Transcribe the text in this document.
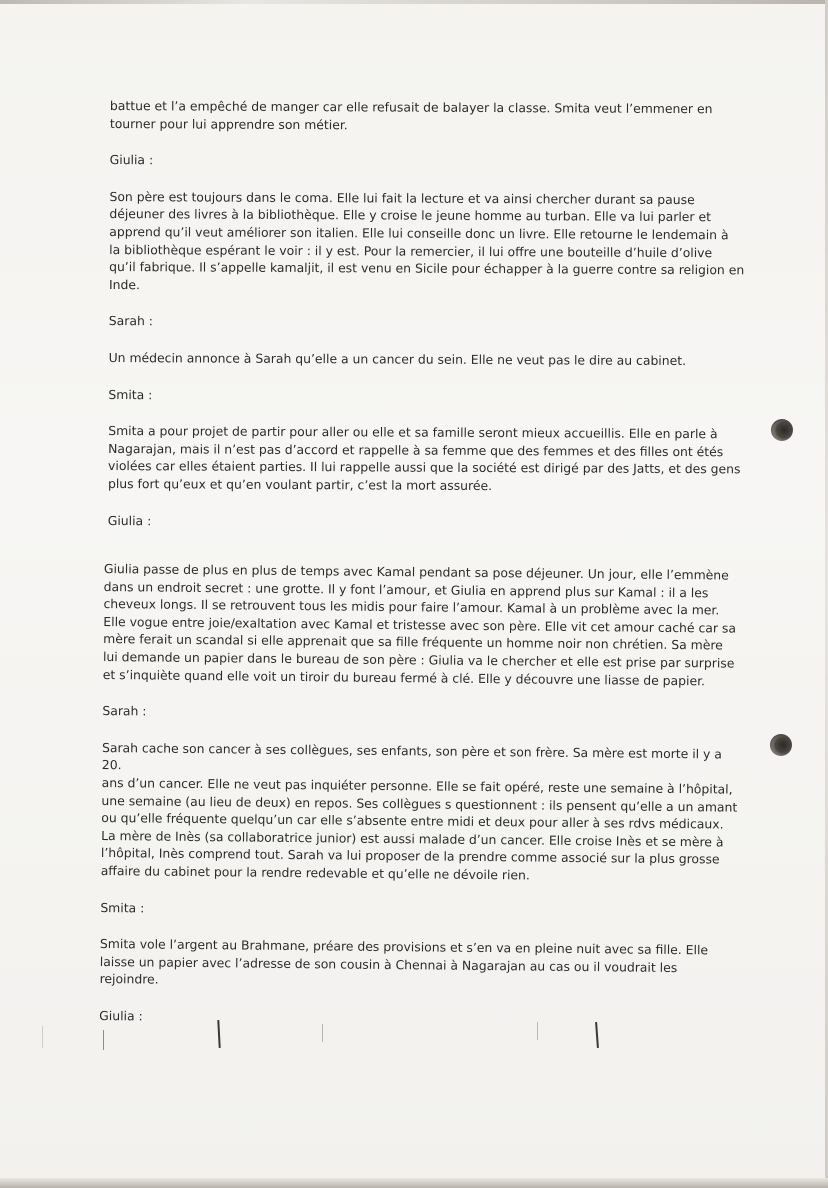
battue et l’a empêché de manger car elle refusait de balayer la classe. Smita veut l’emmener en
tourner pour lui apprendre son métier.

Giulia :

Son père est toujours dans le coma. Elle lui fait la lecture et va ainsi chercher durant sa pause
déjeuner des livres à la bibliothèque. Elle y croise le jeune homme au turban. Elle va lui parler et
apprend qu’il veut améliorer son italien. Elle lui conseille donc un livre. Elle retourne le lendemain à
la bibliothèque espérant le voir : il y est. Pour la remercier, il lui offre une bouteille d’huile d’olive
qu’il fabrique. Il s’appelle kamaljit, il est venu en Sicile pour échapper à la guerre contre sa religion en
Inde.

Sarah :

Un médecin annonce à Sarah qu’elle a un cancer du sein. Elle ne veut pas le dire au cabinet.

Smita :

Smita a pour projet de partir pour aller ou elle et sa famille seront mieux accueillis. Elle en parle à
Nagarajan, mais il n’est pas d’accord et rappelle à sa femme que des femmes et des filles ont étés
violées car elles étaient parties. Il lui rappelle aussi que la société est dirigé par des Jatts, et des gens
plus fort qu’eux et qu’en voulant partir, c’est la mort assurée.

Giulia :

Giulia passe de plus en plus de temps avec Kamal pendant sa pose déjeuner. Un jour, elle l’emmène
dans un endroit secret : une grotte. Il y font l’amour, et Giulia en apprend plus sur Kamal : il a les
cheveux longs. Il se retrouvent tous les midis pour faire l’amour. Kamal à un problème avec la mer.
Elle vogue entre joie/exaltation avec Kamal et tristesse avec son père. Elle vit cet amour caché car sa
mère ferait un scandal si elle apprenait que sa fille fréquente un homme noir non chrétien. Sa mère
lui demande un papier dans le bureau de son père : Giulia va le chercher et elle est prise par surprise
et s’inquiète quand elle voit un tiroir du bureau fermé à clé. Elle y découvre une liasse de papier.

Sarah :

Sarah cache son cancer à ses collègues, ses enfants, son père et son frère. Sa mère est morte il y a 20.
ans d’un cancer. Elle ne veut pas inquiéter personne. Elle se fait opéré, reste une semaine à l’hôpital,
une semaine (au lieu de deux) en repos. Ses collègues s questionnent : ils pensent qu’elle a un amant
ou qu’elle fréquente quelqu’un car elle s’absente entre midi et deux pour aller à ses rdvs médicaux.
La mère de Inès (sa collaboratrice junior) est aussi malade d’un cancer. Elle croise Inès et se mère à
l’hôpital, Inès comprend tout. Sarah va lui proposer de la prendre comme associé sur la plus grosse
affaire du cabinet pour la rendre redevable et qu’elle ne dévoile rien.

Smita :

Smita vole l’argent au Brahmane, préare des provisions et s’en va en pleine nuit avec sa fille. Elle
laisse un papier avec l’adresse de son cousin à Chennai à Nagarajan au cas ou il voudrait les
rejoindre.

Giulia :
